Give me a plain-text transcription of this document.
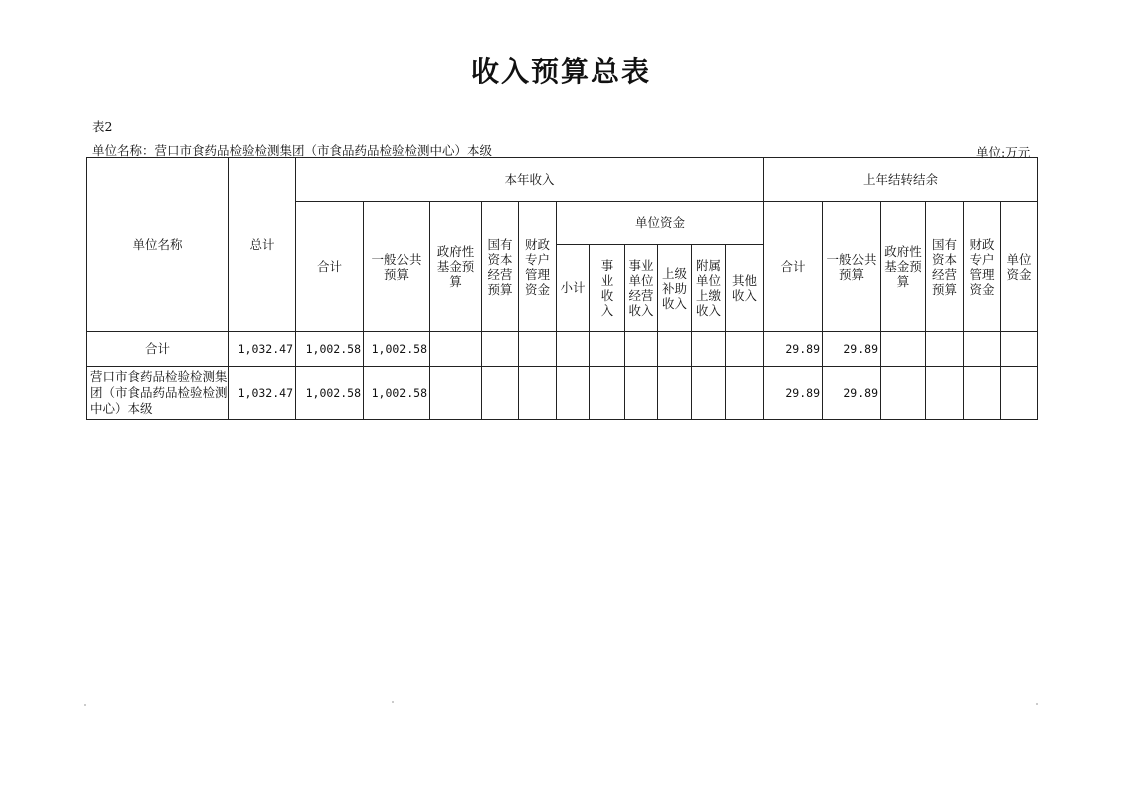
收入预算总表
表2
单位名称：营口市食药品检验检测集团（市食品药品检验检测中心）本级	单位:万元
单位名称	总计	本年收入											上年结转结余					
		合计	一般公共预算	政府性基金预算	国有资本经营预算	财政专户管理资金	单位资金						合计	一般公共预算	政府性基金预算	国有资本经营预算	财政专户管理资金	单位资金

							小计	事业收入	事业单位经营收入	上级补助收入	附属单位上缴收入	其他收入						

合计	1,032.47	1,002.58	1,002.58										29.89	29.89				
营口市食药品检验检测集团（市食品药品检验检测中心）本级	1,032.47	1,002.58	1,002.58										29.89	29.89				
